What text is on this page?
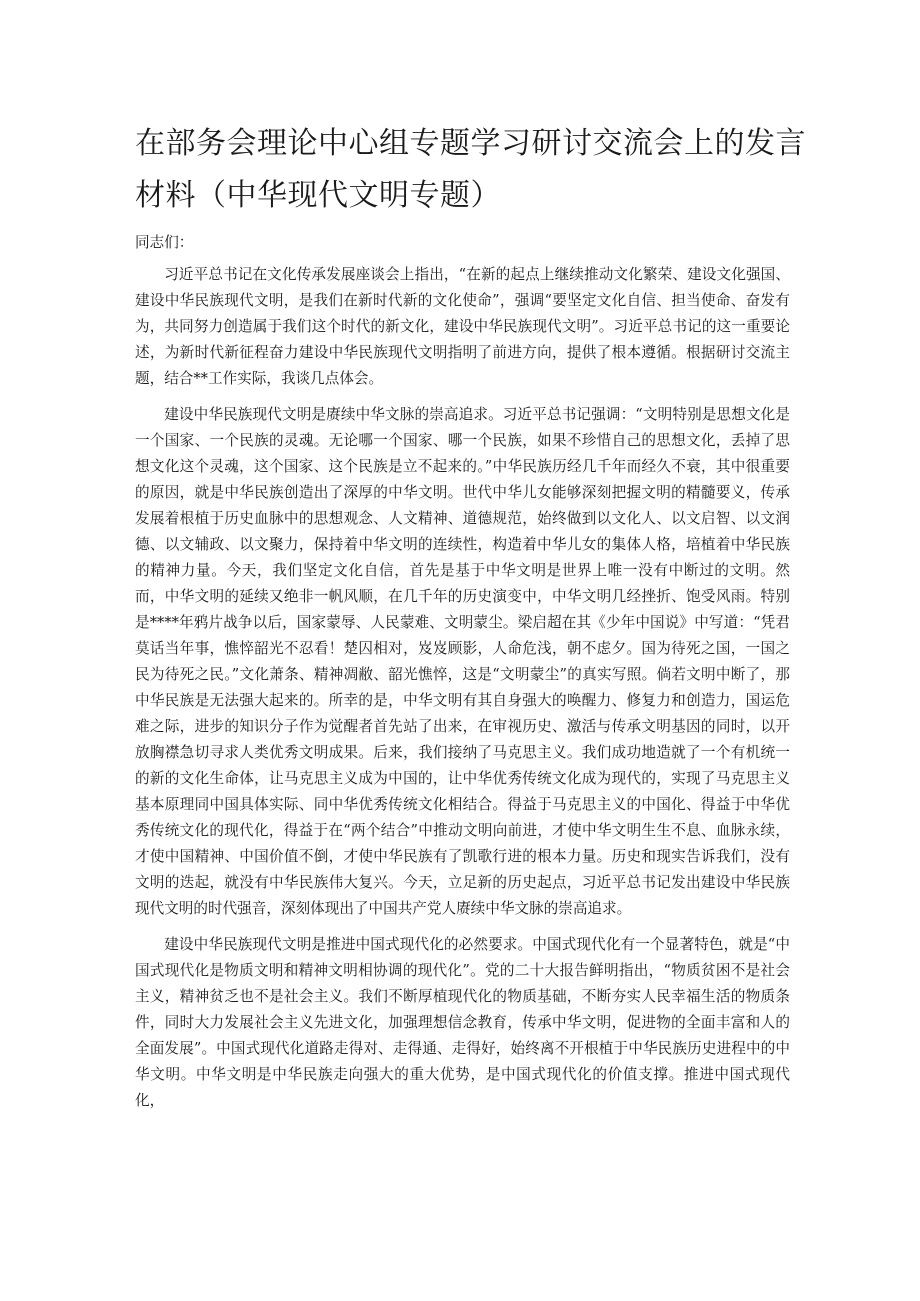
在部务会理论中心组专题学习研讨交流会上的发言
材料（中华现代文明专题）

同志们：

习近平总书记在文化传承发展座谈会上指出，“在新的起点上继续推动文化繁荣、建设文化强国、建设中华民族现代文明，是我们在新时代新的文化使命”，强调“要坚定文化自信、担当使命、奋发有为，共同努力创造属于我们这个时代的新文化，建设中华民族现代文明”。习近平总书记的这一重要论述，为新时代新征程奋力建设中华民族现代文明指明了前进方向，提供了根本遵循。根据研讨交流主题，结合**工作实际，我谈几点体会。

建设中华民族现代文明是赓续中华文脉的崇高追求。习近平总书记强调：“文明特别是思想文化是一个国家、一个民族的灵魂。无论哪一个国家、哪一个民族，如果不珍惜自己的思想文化，丢掉了思想文化这个灵魂，这个国家、这个民族是立不起来的。”中华民族历经几千年而经久不衰，其中很重要的原因，就是中华民族创造出了深厚的中华文明。世代中华儿女能够深刻把握文明的精髓要义，传承发展着根植于历史血脉中的思想观念、人文精神、道德规范，始终做到以文化人、以文启智、以文润德、以文辅政、以文聚力，保持着中华文明的连续性，构造着中华儿女的集体人格，培植着中华民族的精神力量。今天，我们坚定文化自信，首先是基于中华文明是世界上唯一没有中断过的文明。然而，中华文明的延续又绝非一帆风顺，在几千年的历史演变中，中华文明几经挫折、饱受风雨。特别是****年鸦片战争以后，国家蒙辱、人民蒙难、文明蒙尘。梁启超在其《少年中国说》中写道：“凭君莫话当年事，憔悴韶光不忍看！楚囚相对，岌岌顾影，人命危浅，朝不虑夕。国为待死之国，一国之民为待死之民。”文化萧条、精神凋敝、韶光憔悴，这是“文明蒙尘”的真实写照。倘若文明中断了，那中华民族是无法强大起来的。所幸的是，中华文明有其自身强大的唤醒力、修复力和创造力，国运危难之际，进步的知识分子作为觉醒者首先站了出来，在审视历史、激活与传承文明基因的同时，以开放胸襟急切寻求人类优秀文明成果。后来，我们接纳了马克思主义。我们成功地造就了一个有机统一的新的文化生命体，让马克思主义成为中国的，让中华优秀传统文化成为现代的，实现了马克思主义基本原理同中国具体实际、同中华优秀传统文化相结合。得益于马克思主义的中国化、得益于中华优秀传统文化的现代化，得益于在“两个结合”中推动文明向前进，才使中华文明生生不息、血脉永续，才使中国精神、中国价值不倒，才使中华民族有了凯歌行进的根本力量。历史和现实告诉我们，没有文明的迭起，就没有中华民族伟大复兴。今天，立足新的历史起点，习近平总书记发出建设中华民族现代文明的时代强音，深刻体现出了中国共产党人赓续中华文脉的崇高追求。

建设中华民族现代文明是推进中国式现代化的必然要求。中国式现代化有一个显著特色，就是“中国式现代化是物质文明和精神文明相协调的现代化”。党的二十大报告鲜明指出，“物质贫困不是社会主义，精神贫乏也不是社会主义。我们不断厚植现代化的物质基础，不断夯实人民幸福生活的物质条件，同时大力发展社会主义先进文化，加强理想信念教育，传承中华文明，促进物的全面丰富和人的全面发展”。中国式现代化道路走得对、走得通、走得好，始终离不开根植于中华民族历史进程中的中华文明。中华文明是中华民族走向强大的重大优势，是中国式现代化的价值支撑。推进中国式现代化，
